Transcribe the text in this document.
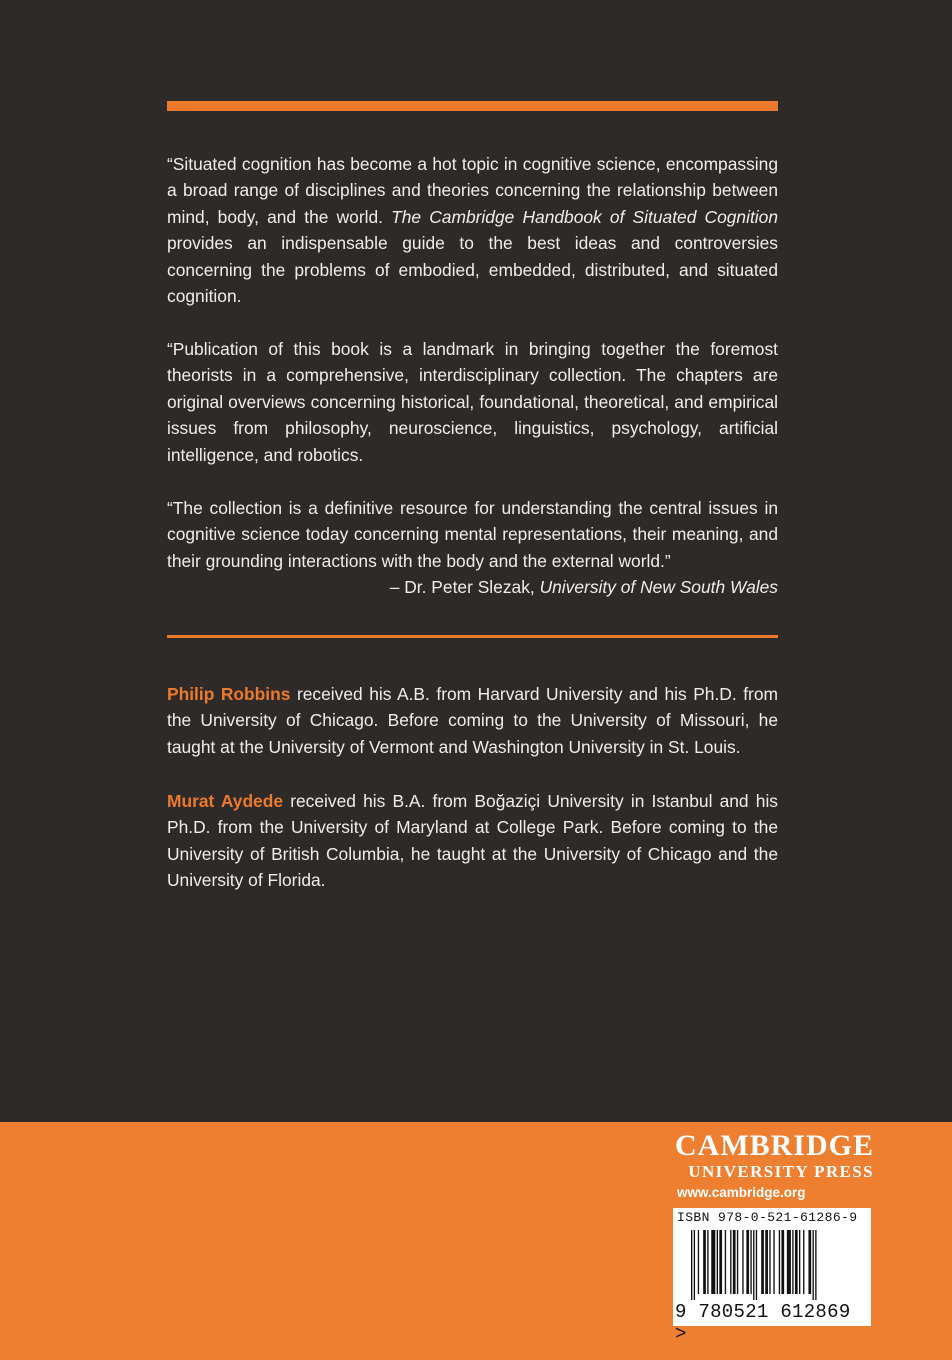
“Situated cognition has become a hot topic in cognitive science, encompassing a broad range of disciplines and theories concerning the relationship between mind, body, and the world. The Cambridge Handbook of Situated Cognition provides an indispensable guide to the best ideas and controversies concerning the problems of embodied, embedded, distributed, and situated cognition.

“Publication of this book is a landmark in bringing together the foremost theorists in a comprehensive, interdisciplinary collection. The chapters are original overviews concerning historical, foundational, theoretical, and empirical issues from philosophy, neuroscience, linguistics, psychology, artificial intelligence, and robotics.

“The collection is a definitive resource for understanding the central issues in cognitive science today concerning mental representations, their meaning, and their grounding interactions with the body and the external world.”

– Dr. Peter Slezak, University of New South Wales

Philip Robbins received his A.B. from Harvard University and his Ph.D. from the University of Chicago. Before coming to the University of Missouri, he taught at the University of Vermont and Washington University in St. Louis.

Murat Aydede received his B.A. from Boğaziçi University in Istanbul and his Ph.D. from the University of Maryland at College Park. Before coming to the University of British Columbia, he taught at the University of Chicago and the University of Florida.

CAMBRIDGE
UNIVERSITY PRESS
www.cambridge.org
ISBN 978-0-521-61286-9
9 780521 612869 >
